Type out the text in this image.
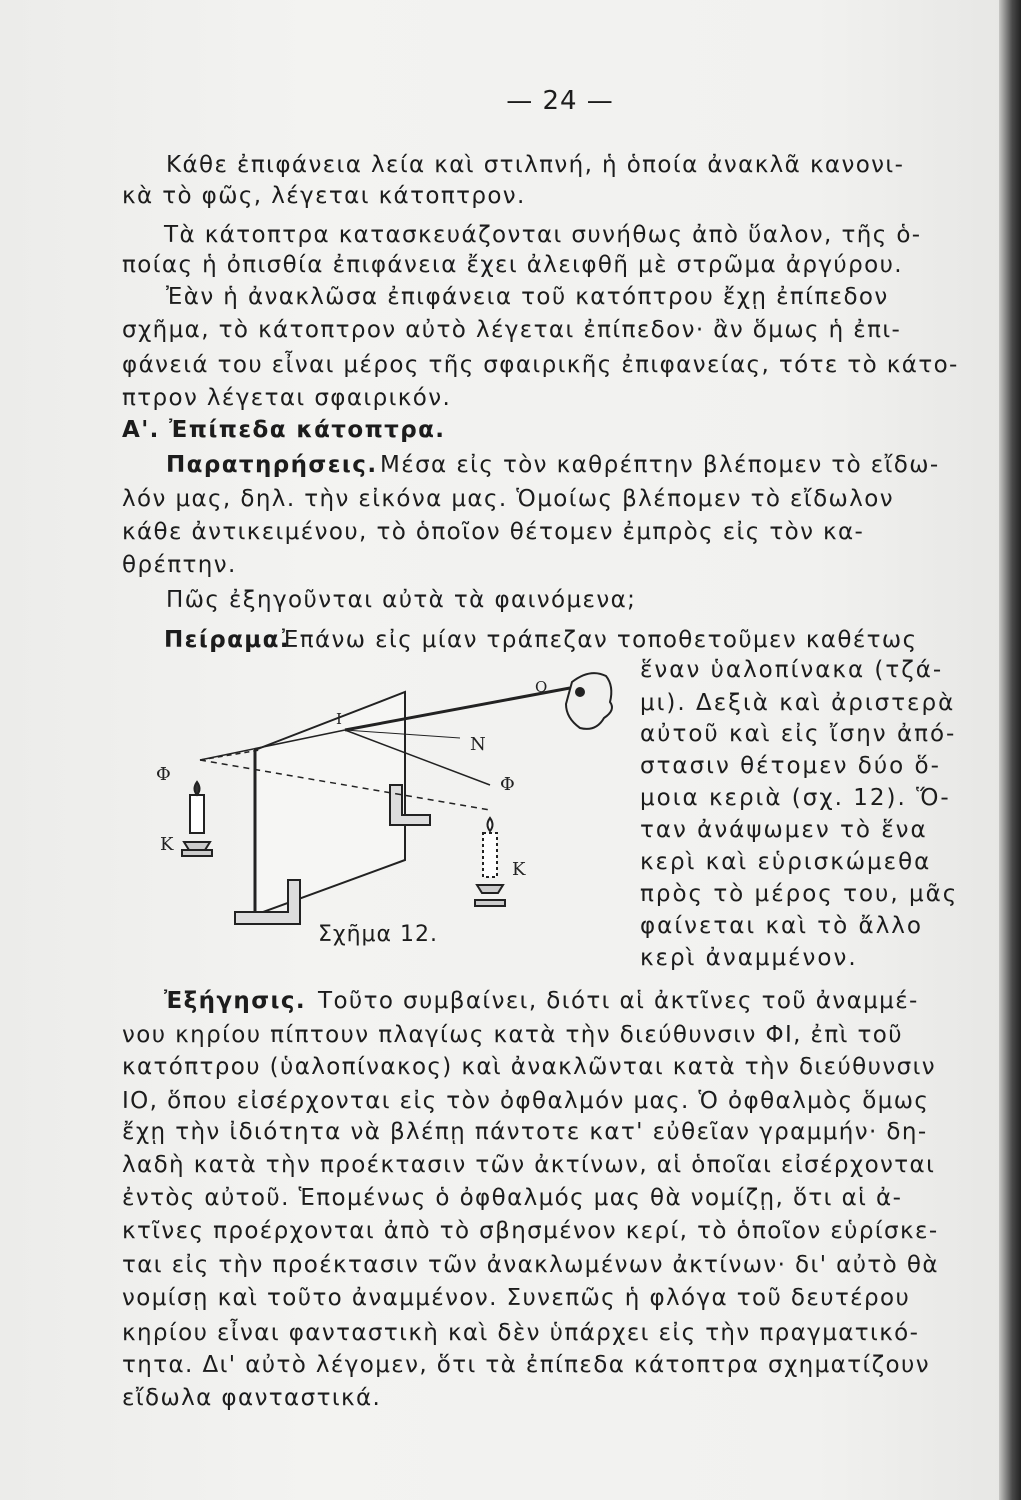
— 24 —
Κάθε ἐπιφάνεια λεία καὶ στιλπνή, ἡ ὁποία ἀνακλᾶ κανονι-
κὰ τὸ φῶς, λέγεται κάτοπτρον.
Τὰ κάτοπτρα κατασκευάζονται συνήθως ἀπὸ ὕαλον, τῆς ὁ-
ποίας ἡ ὀπισθία ἐπιφάνεια ἔχει ἀλειφθῆ μὲ στρῶμα ἀργύρου.
Ἐὰν ἡ ἀνακλῶσα ἐπιφάνεια τοῦ κατόπτρου ἔχῃ ἐπίπεδον
σχῆμα, τὸ κάτοπτρον αὐτὸ λέγεται ἐπίπεδον· ἂν ὅμως ἡ ἐπι-
φάνειά του εἶναι μέρος τῆς σφαιρικῆς ἐπιφανείας, τότε τὸ κάτο-
πτρον λέγεται σφαιρικόν.
Α'. Ἐπίπεδα κάτοπτρα.
Παρατηρήσεις. Μέσα εἰς τὸν καθρέπτην βλέπομεν τὸ εἴδω-
λόν μας, δηλ. τὴν εἰκόνα μας. Ὁμοίως βλέπομεν τὸ εἴδωλον
κάθε ἀντικειμένου, τὸ ὁποῖον θέτομεν ἐμπρὸς εἰς τὸν κα-
θρέπτην.
Πῶς ἐξηγοῦνται αὐτὰ τὰ φαινόμενα;
Πείραμα.
Ἐπάνω εἰς μίαν τράπεζαν τοποθετοῦμεν καθέτως
ἕναν ὑαλοπίνακα (τζά-
μι). Δεξιὰ καὶ ἀριστερὰ
αὐτοῦ καὶ εἰς ἴσην ἀπό-
στασιν θέτομεν δύο ὅ-
μοια κεριὰ (σχ. 12). Ὅ-
ταν ἀνάψωμεν τὸ ἕνα
κερὶ καὶ εὑρισκώμεθα
πρὸς τὸ μέρος του, μᾶς
φαίνεται καὶ τὸ ἄλλο
κερὶ ἀναμμένον.
Φ	Φ
Κ
Κ
Ν
Ο
Ι
Σχῆμα 12.
Ἐξήγησις. Τοῦτο συμβαίνει, διότι αἱ ἀκτῖνες τοῦ ἀναμμέ-
νου κηρίου πίπτουν πλαγίως κατὰ τὴν διεύθυνσιν ΦΙ, ἐπὶ τοῦ
κατόπτρου (ὑαλοπίνακος) καὶ ἀνακλῶνται κατὰ τὴν διεύθυνσιν
ΙΟ, ὅπου εἰσέρχονται εἰς τὸν ὀφθαλμόν μας. Ὁ ὀφθαλμὸς ὅμως
ἔχῃ τὴν ἰδιότητα νὰ βλέπῃ πάντοτε κατ' εὐθεῖαν γραμμήν· δη-
λαδὴ κατὰ τὴν προέκτασιν τῶν ἀκτίνων, αἱ ὁποῖαι εἰσέρχονται
ἐντὸς αὐτοῦ. Ἑπομένως ὁ ὀφθαλμός μας θὰ νομίζῃ, ὅτι αἱ ἀ-
κτῖνες προέρχονται ἀπὸ τὸ σβησμένον κερί, τὸ ὁποῖον εὑρίσκε-
ται εἰς τὴν προέκτασιν τῶν ἀνακλωμένων ἀκτίνων· δι' αὐτὸ θὰ
νομίσῃ καὶ τοῦτο ἀναμμένον. Συνεπῶς ἡ φλόγα τοῦ δευτέρου
κηρίου εἶναι φανταστικὴ καὶ δὲν ὑπάρχει εἰς τὴν πραγματικό-
τητα. Δι' αὐτὸ λέγομεν, ὅτι τὰ ἐπίπεδα κάτοπτρα σχηματίζουν
εἴδωλα φανταστικά.
